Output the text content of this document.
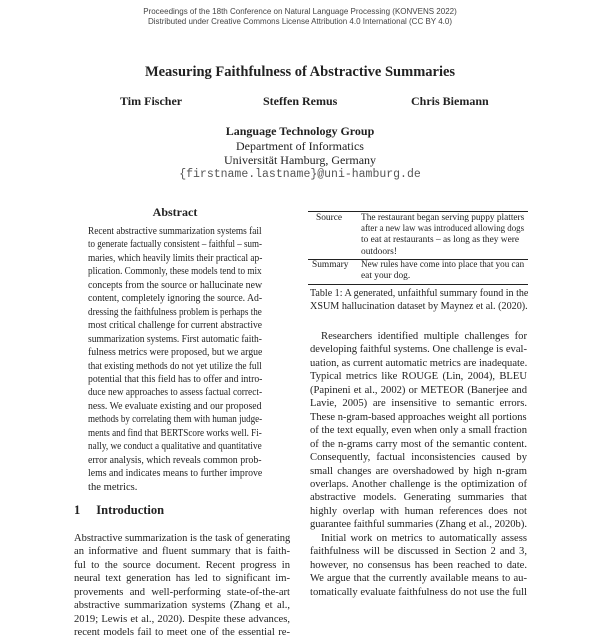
Proceedings of the 18th Conference on Natural Language Processing (KONVENS 2022)
Distributed under Creative Commons License Attribution 4.0 International (CC BY 4.0)
Measuring Faithfulness of Abstractive Summaries
Tim Fischer	Steffen Remus	Chris Biemann
Language Technology Group
Department of Informatics
Universität Hamburg, Germany
{firstname.lastname}@uni-hamburg.de
Abstract
Recent abstractive summarization systems fail
to generate factually consistent – faithful – sum-
maries, which heavily limits their practical ap-
plication. Commonly, these models tend to mix
concepts from the source or hallucinate new
content, completely ignoring the source. Ad-
dressing the faithfulness problem is perhaps the
most critical challenge for current abstractive
summarization systems. First automatic faith-
fulness metrics were proposed, but we argue
that existing methods do not yet utilize the full
potential that this field has to offer and intro-
duce new approaches to assess factual correct-
ness. We evaluate existing and our proposed
methods by correlating them with human judge-
ments and find that BERTScore works well. Fi-
nally, we conduct a qualitative and quantitative
error analysis, which reveals common prob-
lems and indicates means to further improve
the metrics.
1 Introduction
Abstractive summarization is the task of generating
an informative and fluent summary that is faith-
ful to the source document. Recent progress in
neural text generation has led to significant im-
provements and well-performing state-of-the-art
abstractive summarization systems (Zhang et al.,
2019; Lewis et al., 2020). Despite these advances,
recent models fail to meet one of the essential re-
Source	The restaurant began serving puppy platters
after a new law was introduced allowing dogs
to eat at restaurants – as long as they were
outdoors!
Summary	New rules have come into place that you can
eat your dog.
Table 1: A generated, unfaithful summary found in the
XSUM hallucination dataset by Maynez et al. (2020).
Researchers identified multiple challenges for
developing faithful systems. One challenge is eval-
uation, as current automatic metrics are inadequate.
Typical metrics like ROUGE (Lin, 2004), BLEU
(Papineni et al., 2002) or METEOR (Banerjee and
Lavie, 2005) are insensitive to semantic errors.
These n-gram-based approaches weight all portions
of the text equally, even when only a small fraction
of the n-grams carry most of the semantic content.
Consequently, factual inconsistencies caused by
small changes are overshadowed by high n-gram
overlaps. Another challenge is the optimization of
abstractive models. Generating summaries that
highly overlap with human references does not
guarantee faithful summaries (Zhang et al., 2020b).
Initial work on metrics to automatically assess
faithfulness will be discussed in Section 2 and 3,
however, no consensus has been reached to date.
We argue that the currently available means to au-
tomatically evaluate faithfulness do not use the full
